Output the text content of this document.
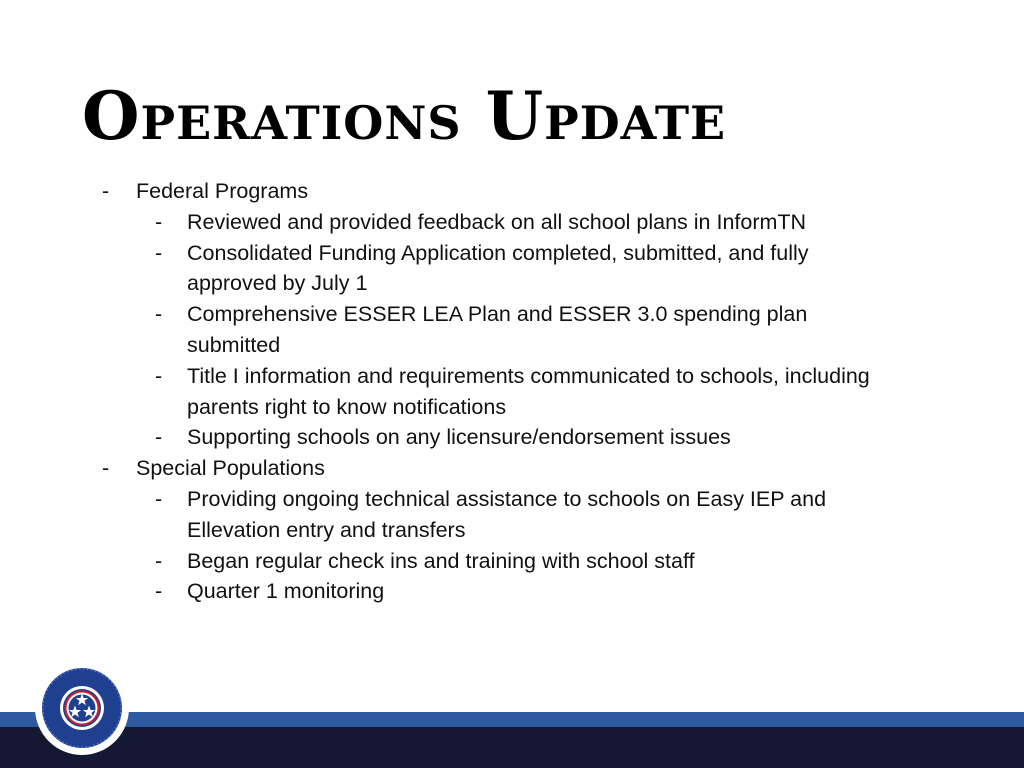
Operations Update
- Federal Programs
- Reviewed and provided feedback on all school plans in InformTN
- Consolidated Funding Application completed, submitted, and fully approved by July 1
- Comprehensive ESSER LEA Plan and ESSER 3.0 spending plan submitted
- Title I information and requirements communicated to schools, including parents right to know notifications
- Supporting schools on any licensure/endorsement issues
- Special Populations
- Providing ongoing technical assistance to schools on Easy IEP and Ellevation entry and transfers
- Began regular check ins and training with school staff
- Quarter 1 monitoring
